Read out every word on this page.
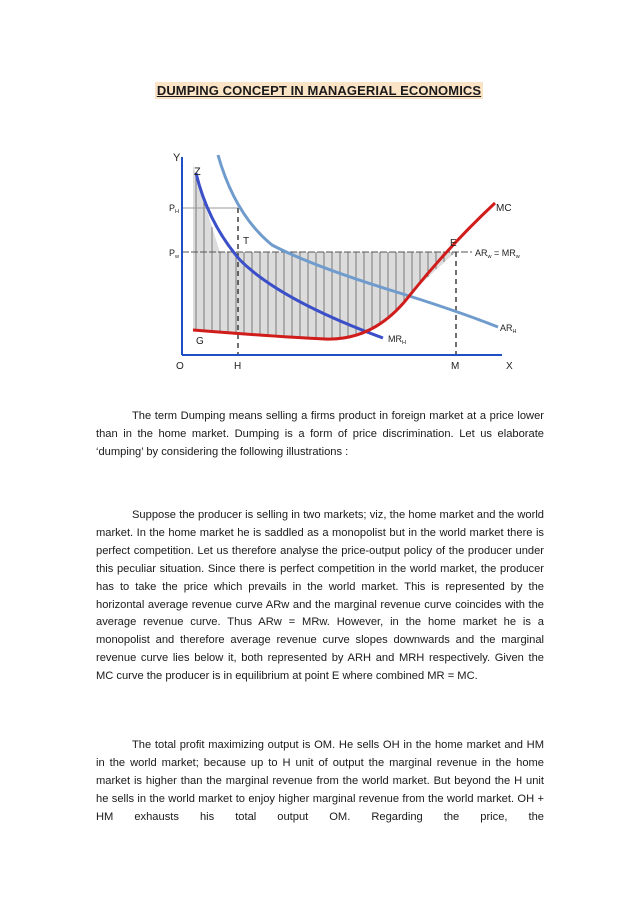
DUMPING CONCEPT IN MANAGERIAL ECONOMICS
Y
Z
$P_H$
$P_w$
T	E
G
O	H	M	X
MC
$AR_w = MR_w$
$AR_H$
$MR_H$
The term Dumping means selling a firms product in foreign market at a price lower than in the home market. Dumping is a form of price discrimination. Let us elaborate ‘dumping’ by considering the following illustrations :
Suppose the producer is selling in two markets; viz, the home market and the world market. In the home market he is saddled as a monopolist but in the world market there is perfect competition. Let us therefore analyse the price-output policy of the producer under this peculiar situation. Since there is perfect competition in the world market, the producer has to take the price which prevails in the world market. This is represented by the horizontal average revenue curve ARw and the marginal revenue curve coincides with the average revenue curve. Thus ARw = MRw. However, in the home market he is a monopolist and therefore average revenue curve slopes downwards and the marginal revenue curve lies below it, both represented by ARH and MRH respectively. Given the MC curve the producer is in equilibrium at point E where combined MR = MC.
The total profit maximizing output is OM. He sells OH in the home market and HM in the world market; because up to H unit of output the marginal revenue in the home market is higher than the marginal revenue from the world market. But beyond the H unit he sells in the world market to enjoy higher marginal revenue from the world market. OH + HM exhausts his total output OM. Regarding the price, the
